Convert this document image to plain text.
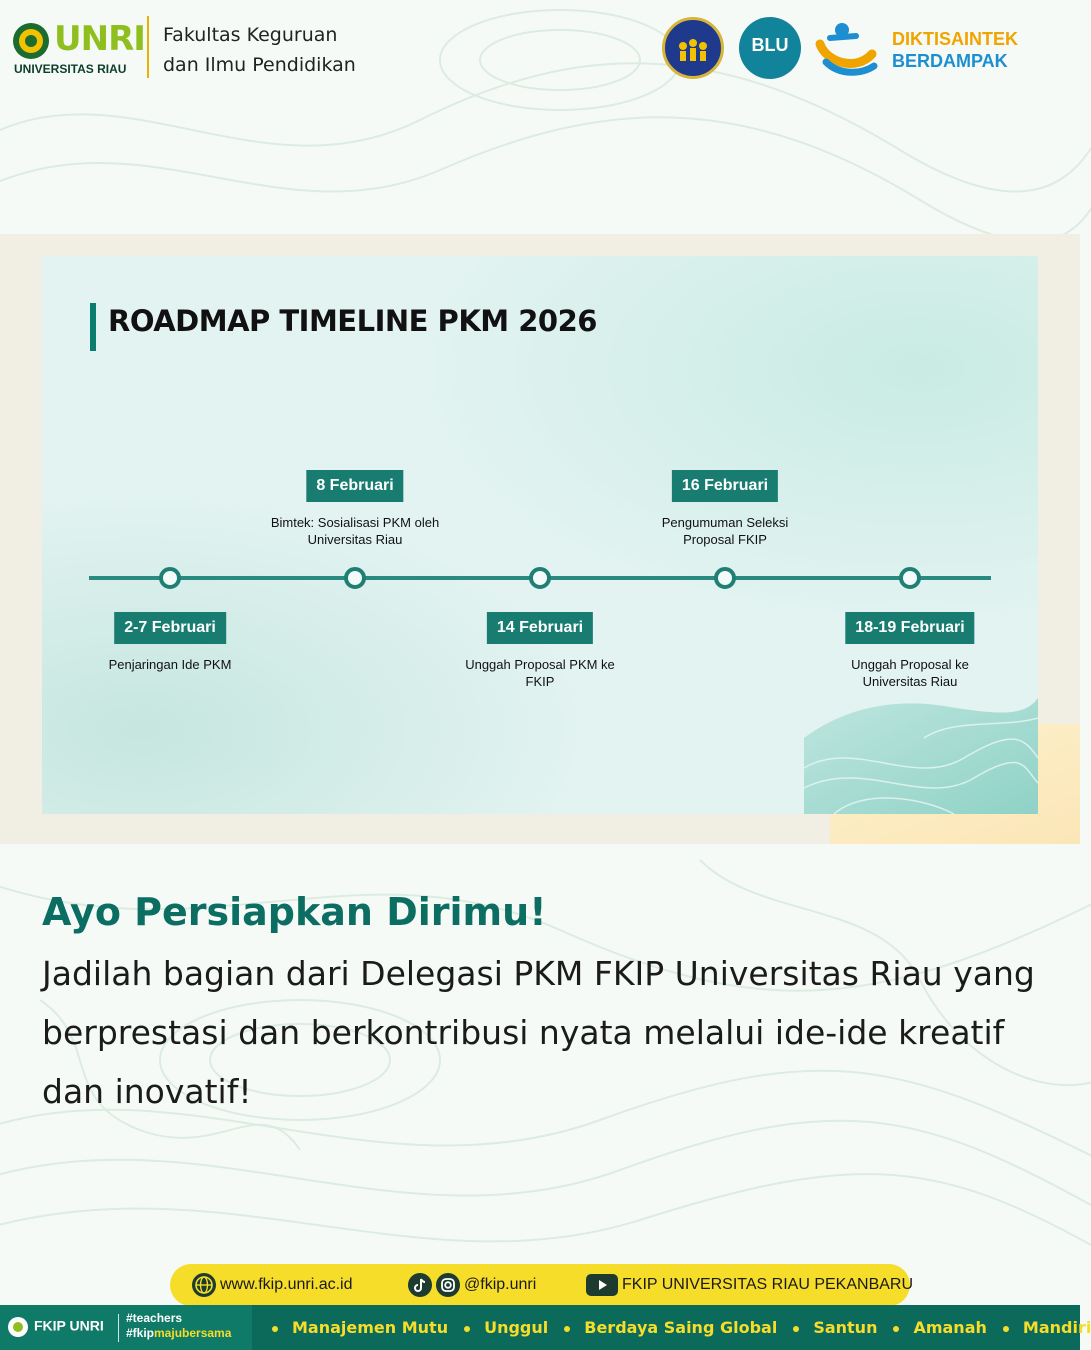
UNRI
UNIVERSITAS RIAU
Fakultas Keguruan
dan Ilmu Pendidikan
BLU	DIKTISAINTEK
BERDAMPAK
ROADMAP TIMELINE PKM 2026
2-7 Februari
Penjaringan Ide PKM
8 Februari
Bimtek: Sosialisasi PKM oleh Universitas Riau
14 Februari
Unggah Proposal PKM ke FKIP
16 Februari
Pengumuman Seleksi Proposal FKIP
18-19 Februari
Unggah Proposal ke Universitas Riau
Ayo Persiapkan Dirimu!
Jadilah bagian dari Delegasi PKM FKIP Universitas Riau yang berprestasi dan berkontribusi nyata melalui ide-ide kreatif dan inovatif!
www.fkip.unri.ac.id	@fkip.unri	FKIP UNIVERSITAS RIAU PEKANBARU
FKIP UNRI #teachers
#fkipmajubersama	Manajemen Mutu	Unggul	Berdaya Saing Global	Santun	Amanah	Mandiri
